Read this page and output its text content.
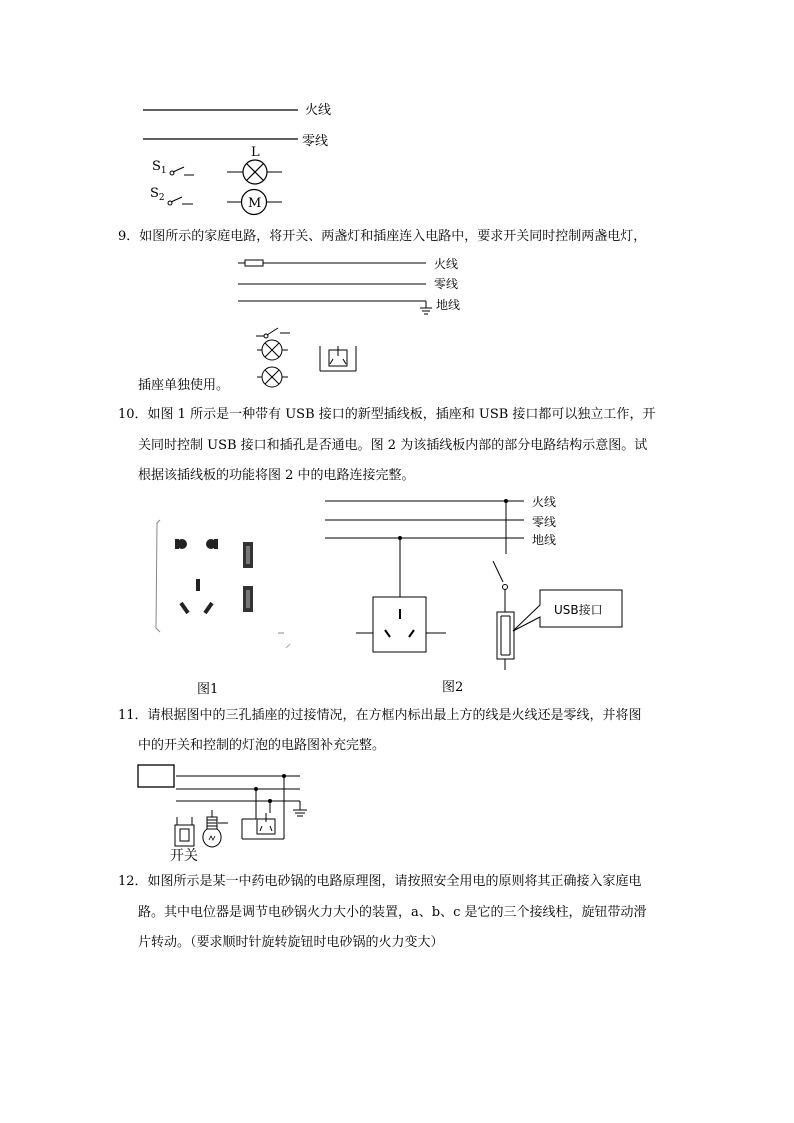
火线
零线
$S_1$
L
$S_2$	M

9．如图所示的家庭电路，将开关、两盏灯和插座连入电路中，要求开关同时控制两盏电灯，

火线
零线
地线

插座单独使用。

10．如图 1 所示是一种带有 USB 接口的新型插线板，插座和 USB 接口都可以独立工作，开

关同时控制 USB 接口和插孔是否通电。图 2 为该插线板内部的部分电路结构示意图。试

根据该插线板的功能将图 2 中的电路连接完整。

图1
火线
零线
地线
USB接口
图2

11．请根据图中的三孔插座的过接情况，在方框内标出最上方的线是火线还是零线，并将图

中的开关和控制的灯泡的电路图补充完整。

开关

12．如图所示是某一中药电砂锅的电路原理图，请按照安全用电的原则将其正确接入家庭电

路。其中电位器是调节电砂锅火力大小的装置，a、b、c 是它的三个接线柱，旋钮带动滑

片转动。（要求顺时针旋转旋钮时电砂锅的火力变大）
